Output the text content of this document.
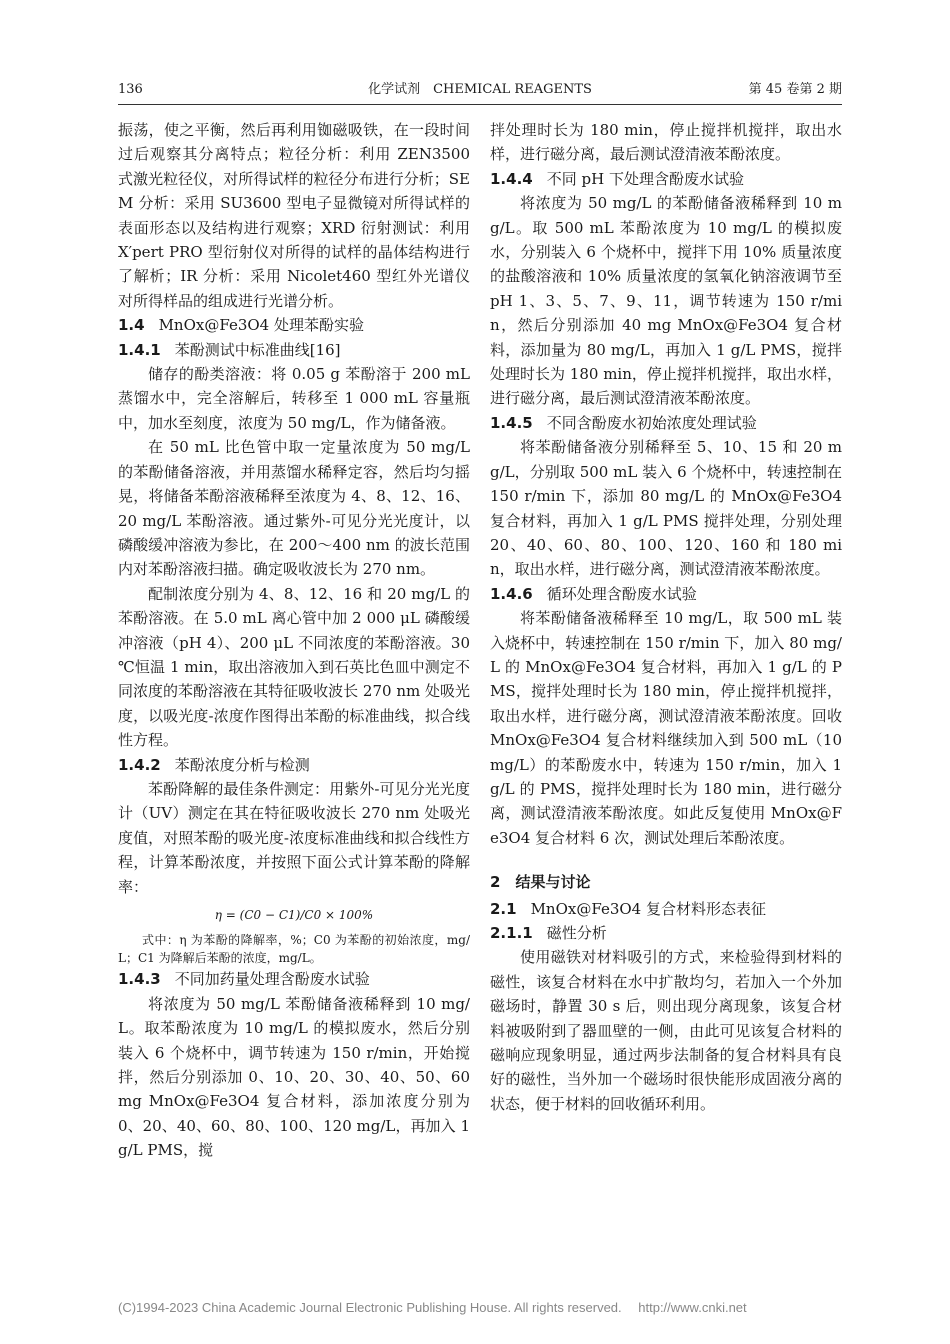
136	化学试剂　CHEMICAL REAGENTS	第 45 卷第 2 期

振荡，使之平衡，然后再利用铷磁吸铁，在一段时间过后观察其分离特点；粒径分析：利用 ZEN3500 式激光粒径仪，对所得试样的粒径分布进行分析；SEM 分析：采用 SU3600 型电子显微镜对所得试样的表面形态以及结构进行观察；XRD 衍射测试：利用 X′pert PRO 型衍射仪对所得的试样的晶体结构进行了解析；IR 分析：采用 Nicolet460 型红外光谱仪对所得样品的组成进行光谱分析。

1.4 MnOx@Fe3O4 处理苯酚实验
1.4.1 苯酚测试中标准曲线[16]

储存的酚类溶液：将 0.05 g 苯酚溶于 200 mL 蒸馏水中，完全溶解后，转移至 1 000 mL 容量瓶中，加水至刻度，浓度为 50 mg/L，作为储备液。

在 50 mL 比色管中取一定量浓度为 50 mg/L 的苯酚储备溶液，并用蒸馏水稀释定容，然后均匀摇晃，将储备苯酚溶液稀释至浓度为 4、8、12、16、20 mg/L 苯酚溶液。通过紫外-可见分光光度计，以磷酸缓冲溶液为参比，在 200～400 nm 的波长范围内对苯酚溶液扫描。确定吸收波长为 270 nm。

配制浓度分别为 4、8、12、16 和 20 mg/L 的苯酚溶液。在 5.0 mL 离心管中加 2 000 μL 磷酸缓冲溶液（pH 4）、200 μL 不同浓度的苯酚溶液。30 ℃恒温 1 min，取出溶液加入到石英比色皿中测定不同浓度的苯酚溶液在其特征吸收波长 270 nm 处吸光度，以吸光度-浓度作图得出苯酚的标准曲线，拟合线性方程。

1.4.2 苯酚浓度分析与检测

苯酚降解的最佳条件测定：用紫外-可见分光光度计（UV）测定在其在特征吸收波长 270 nm 处吸光度值，对照苯酚的吸光度-浓度标准曲线和拟合线性方程，计算苯酚浓度，并按照下面公式计算苯酚的降解率：

η = (C0 − C1)/C0 × 100%

式中：η 为苯酚的降解率，%；C0 为苯酚的初始浓度，mg/L；C1 为降解后苯酚的浓度，mg/L。

1.4.3 不同加药量处理含酚废水试验

将浓度为 50 mg/L 苯酚储备液稀释到 10 mg/L。取苯酚浓度为 10 mg/L 的模拟废水，然后分别装入 6 个烧杯中，调节转速为 150 r/min，开始搅拌，然后分别添加 0、10、20、30、40、50、60 mg MnOx@Fe3O4 复合材料，添加浓度分别为 0、20、40、60、80、100、120 mg/L，再加入 1 g/L PMS，搅

拌处理时长为 180 min，停止搅拌机搅拌，取出水样，进行磁分离，最后测试澄清液苯酚浓度。

1.4.4 不同 pH 下处理含酚废水试验

将浓度为 50 mg/L 的苯酚储备液稀释到 10 mg/L。取 500 mL 苯酚浓度为 10 mg/L 的模拟废水，分别装入 6 个烧杯中，搅拌下用 10% 质量浓度的盐酸溶液和 10% 质量浓度的氢氧化钠溶液调节至 pH 1、3、5、7、9、11，调节转速为 150 r/min，然后分别添加 40 mg MnOx@Fe3O4 复合材料，添加量为 80 mg/L，再加入 1 g/L PMS，搅拌处理时长为 180 min，停止搅拌机搅拌，取出水样，进行磁分离，最后测试澄清液苯酚浓度。

1.4.5 不同含酚废水初始浓度处理试验

将苯酚储备液分别稀释至 5、10、15 和 20 mg/L，分别取 500 mL 装入 6 个烧杯中，转速控制在 150 r/min 下，添加 80 mg/L 的 MnOx@Fe3O4 复合材料，再加入 1 g/L PMS 搅拌处理，分别处理 20、40、60、80、100、120、160 和 180 min，取出水样，进行磁分离，测试澄清液苯酚浓度。

1.4.6 循环处理含酚废水试验

将苯酚储备液稀释至 10 mg/L，取 500 mL 装入烧杯中，转速控制在 150 r/min 下，加入 80 mg/L 的 MnOx@Fe3O4 复合材料，再加入 1 g/L 的 PMS，搅拌处理时长为 180 min，停止搅拌机搅拌，取出水样，进行磁分离，测试澄清液苯酚浓度。回收 MnOx@Fe3O4 复合材料继续加入到 500 mL（10 mg/L）的苯酚废水中，转速为 150 r/min，加入 1 g/L 的 PMS，搅拌处理时长为 180 min，进行磁分离，测试澄清液苯酚浓度。如此反复使用 MnOx@Fe3O4 复合材料 6 次，测试处理后苯酚浓度。

2　 结果与讨论
2.1 MnOx@Fe3O4 复合材料形态表征
2.1.1 磁性分析

使用磁铁对材料吸引的方式，来检验得到材料的磁性，该复合材料在水中扩散均匀，若加入一个外加磁场时，静置 30 s 后，则出现分离现象，该复合材料被吸附到了器皿壁的一侧，由此可见该复合材料的磁响应现象明显，通过两步法制备的复合材料具有良好的磁性，当外加一个磁场时很快能形成固液分离的状态，便于材料的回收循环利用。

(C)1994-2023 China Academic Journal Electronic Publishing House. All rights reserved.　 http://www.cnki.net
